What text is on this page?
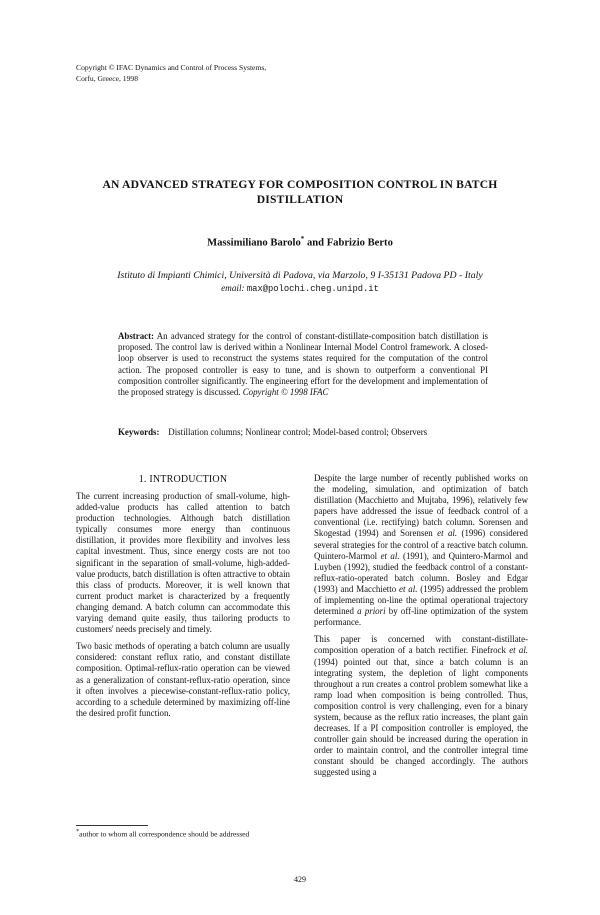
Copyright © IFAC Dynamics and Control of Process Systems,
Corfu, Greece, 1998
AN ADVANCED STRATEGY FOR COMPOSITION CONTROL IN BATCH
DISTILLATION
Massimiliano Barolo* and Fabrizio Berto
Istituto di Impianti Chimici, Università di Padova, via Marzolo, 9 I-35131 Padova PD - Italy
email: max@polochi.cheg.unipd.it
Abstract: An advanced strategy for the control of constant-distillate-composition batch distillation is proposed. The control law is derived within a Nonlinear Internal Model Control framework. A closed-loop observer is used to reconstruct the systems states required for the computation of the control action. The proposed controller is easy to tune, and is shown to outperform a conventional PI composition controller significantly. The engineering effort for the development and implementation of the proposed strategy is discussed. Copyright © 1998 IFAC
Keywords: Distillation columns; Nonlinear control; Model-based control; Observers
1. INTRODUCTION

The current increasing production of small-volume, high-added-value products has called attention to batch production technologies. Although batch distillation typically consumes more energy than continuous distillation, it provides more flexibility and involves less capital investment. Thus, since energy costs are not too significant in the separation of small-volume, high-added-value products, batch distillation is often attractive to obtain this class of products. Moreover, it is well known that current product market is characterized by a frequently changing demand. A batch column can accommodate this varying demand quite easily, thus tailoring products to customers' needs precisely and timely.

Two basic methods of operating a batch column are usually considered: constant reflux ratio, and constant distillate composition. Optimal-reflux-ratio operation can be viewed as a generalization of constant-reflux-ratio operation, since it often involves a piecewise-constant-reflux-ratio policy, according to a schedule determined by maximizing off-line the desired profit function.

Despite the large number of recently published works on the modeling, simulation, and optimization of batch distillation (Macchietto and Mujtaba, 1996), relatively few papers have addressed the issue of feedback control of a conventional (i.e. rectifying) batch column. Sorensen and Skogestad (1994) and Sorensen et al. (1996) considered several strategies for the control of a reactive batch column. Quintero-Marmol et al. (1991), and Quintero-Marmol and Luyben (1992), studied the feedback control of a constant-reflux-ratio-operated batch column. Bosley and Edgar (1993) and Macchietto et al. (1995) addressed the problem of implementing on-line the optimal operational trajectory determined a priori by off-line optimization of the system performance.

This paper is concerned with constant-distillate-composition operation of a batch rectifier. Finefrock et al. (1994) pointed out that, since a batch column is an integrating system, the depletion of light components throughout a run creates a control problem somewhat like a ramp load when composition is being controlled. Thus, composition control is very challenging, even for a binary system, because as the reflux ratio increases, the plant gain decreases. If a PI composition controller is employed, the controller gain should be increased during the operation in order to maintain control, and the controller integral time constant should be changed accordingly. The authors suggested using a

*author to whom all correspondence should be addressed
429
